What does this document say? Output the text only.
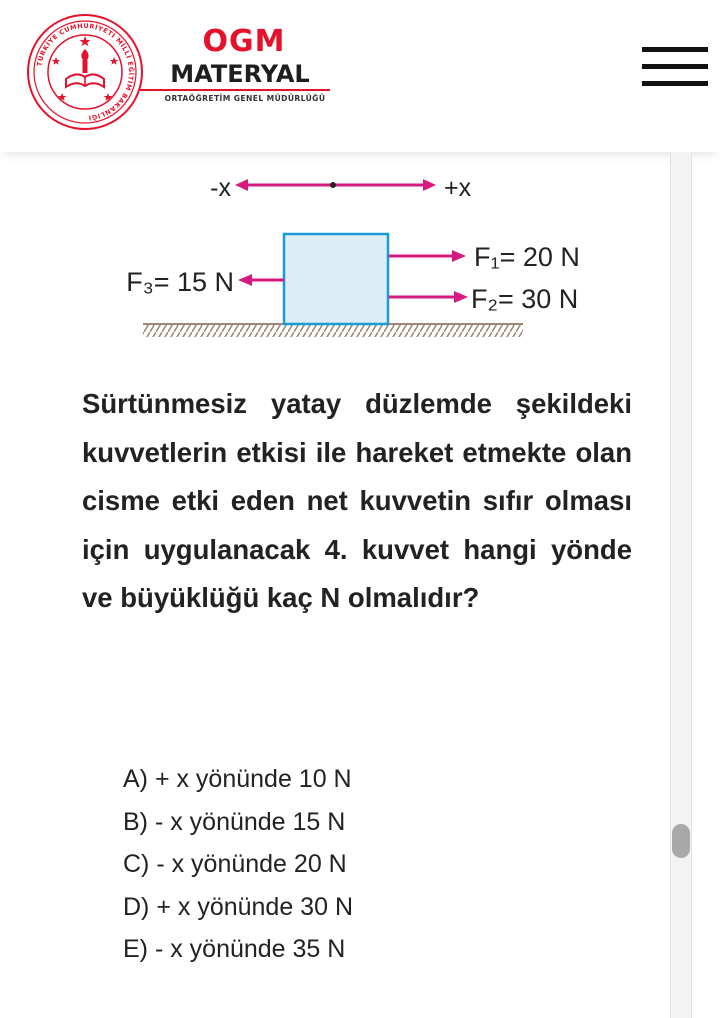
TÜRKİYE CUMHURİYETİ MİLLİ EĞİTİM BAKANLIĞI
OGM
MATERYAL
ORTAÖĞRETİM GENEL MÜDÜRLÜĞÜ
-x	+x
F₁= 20 N
F₂= 30 N
F₃= 15 N

Sürtünmesiz yatay düzlemde şekildeki kuvvetlerin etkisi ile hareket etmekte olan cisme etki eden net kuvvetin sıfır olması için uygulanacak 4. kuvvet hangi yönde ve büyüklüğü kaç N olmalıdır?

A) + x yönünde 10 N
B) - x yönünde 15 N
C) - x yönünde 20 N
D) + x yönünde 30 N
E) - x yönünde 35 N
